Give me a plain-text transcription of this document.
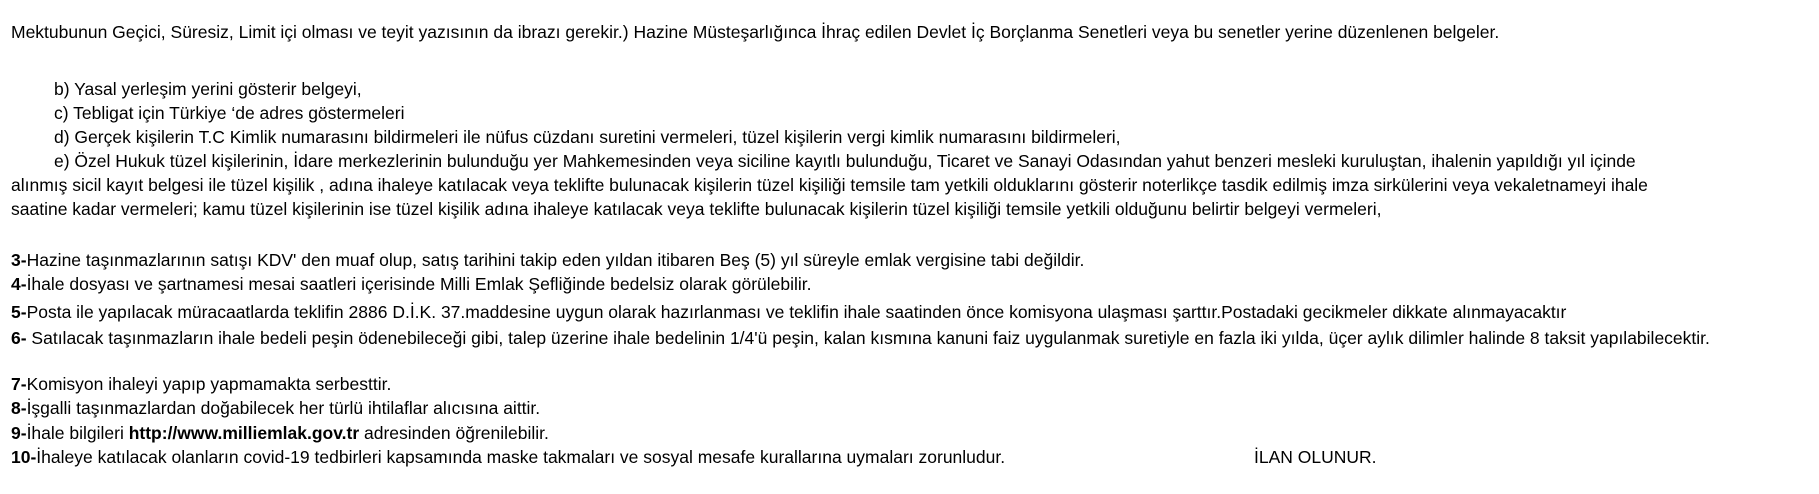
Mektubunun Geçici, Süresiz, Limit içi olması ve teyit yazısının da ibrazı gerekir.) Hazine Müsteşarlığınca İhraç edilen Devlet İç Borçlanma Senetleri veya bu senetler yerine düzenlenen belgeler.
b) Yasal yerleşim yerini gösterir belgeyi,
c) Tebligat için Türkiye ‘de adres göstermeleri
d) Gerçek kişilerin T.C Kimlik numarasını bildirmeleri ile nüfus cüzdanı suretini vermeleri, tüzel kişilerin vergi kimlik numarasını bildirmeleri,
e) Özel Hukuk tüzel kişilerinin, İdare merkezlerinin bulunduğu yer Mahkemesinden veya siciline kayıtlı bulunduğu, Ticaret ve Sanayi Odasından yahut benzeri mesleki kuruluştan, ihalenin yapıldığı yıl içinde
alınmış sicil kayıt belgesi ile tüzel kişilik , adına ihaleye katılacak veya teklifte bulunacak kişilerin tüzel kişiliği temsile tam yetkili olduklarını gösterir noterlikçe tasdik edilmiş imza sirkülerini veya vekaletnameyi ihale
saatine kadar vermeleri; kamu tüzel kişilerinin ise tüzel kişilik adına ihaleye katılacak veya teklifte bulunacak kişilerin tüzel kişiliği temsile yetkili olduğunu belirtir belgeyi vermeleri,
3-Hazine taşınmazlarının satışı KDV' den muaf olup, satış tarihini takip eden yıldan itibaren Beş (5) yıl süreyle emlak vergisine tabi değildir.
4-İhale dosyası ve şartnamesi mesai saatleri içerisinde Milli Emlak Şefliğinde bedelsiz olarak görülebilir.
5-Posta ile yapılacak müracaatlarda teklifin 2886 D.İ.K. 37.maddesine uygun olarak hazırlanması ve teklifin ihale saatinden önce komisyona ulaşması şarttır.Postadaki gecikmeler dikkate alınmayacaktır
6- Satılacak taşınmazların ihale bedeli peşin ödenebileceği gibi, talep üzerine ihale bedelinin 1/4'ü peşin, kalan kısmına kanuni faiz uygulanmak suretiyle en fazla iki yılda, üçer aylık dilimler halinde 8 taksit yapılabilecektir.
7-Komisyon ihaleyi yapıp yapmamakta serbesttir.
8-İşgalli taşınmazlardan doğabilecek her türlü ihtilaflar alıcısına aittir.
9-İhale bilgileri http://www.milliemlak.gov.tr adresinden öğrenilebilir.
10-İhaleye katılacak olanların covid-19 tedbirleri kapsamında maske takmaları ve sosyal mesafe kurallarına uymaları zorunludur.	İLAN OLUNUR.
